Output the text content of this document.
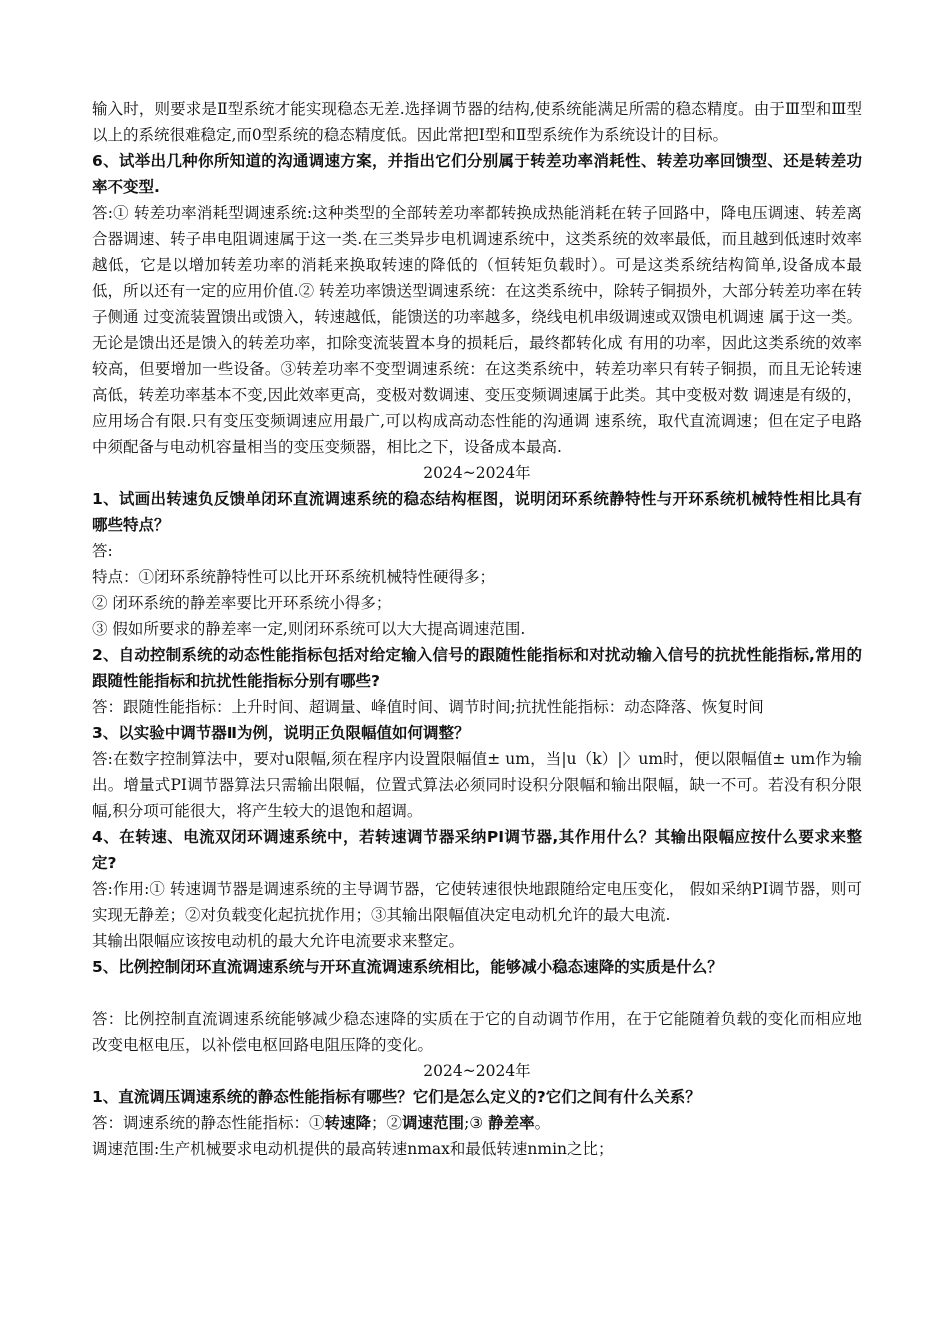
输入时，则要求是Ⅱ型系统才能实现稳态无差.选择调节器的结构,使系统能满足所需的稳态精度。由于Ⅲ型和Ⅲ型以上的系统很难稳定,而0型系统的稳态精度低。因此常把Ⅰ型和Ⅱ型系统作为系统设计的目标。

6、试举出几种你所知道的沟通调速方案，并指出它们分别属于转差功率消耗性、转差功率回馈型、还是转差功率不变型.

答:① 转差功率消耗型调速系统:这种类型的全部转差功率都转换成热能消耗在转子回路中，降电压调速、转差离合器调速、转子串电阻调速属于这一类.在三类异步电机调速系统中，这类系统的效率最低，而且越到低速时效率越低，它是以增加转差功率的消耗来换取转速的降低的（恒转矩负载时）。可是这类系统结构简单,设备成本最低，所以还有一定的应用价值.② 转差功率馈送型调速系统：在这类系统中，除转子铜损外，大部分转差功率在转子侧通 过变流装置馈出或馈入，转速越低，能馈送的功率越多，绕线电机串级调速或双馈电机调速 属于这一类。无论是馈出还是馈入的转差功率，扣除变流装置本身的损耗后，最终都转化成 有用的功率，因此这类系统的效率较高，但要增加一些设备。③转差功率不变型调速系统：在这类系统中，转差功率只有转子铜损，而且无论转速高低，转差功率基本不变,因此效率更高，变极对数调速、变压变频调速属于此类。其中变极对数 调速是有级的，应用场合有限.只有变压变频调速应用最广,可以构成高动态性能的沟通调 速系统，取代直流调速；但在定子电路中须配备与电动机容量相当的变压变频器，相比之下，设备成本最高.

2024~2024年

1、试画出转速负反馈单闭环直流调速系统的稳态结构框图，说明闭环系统静特性与开环系统机械特性相比具有哪些特点？

答:

特点：①闭环系统静特性可以比开环系统机械特性硬得多；

② 闭环系统的静差率要比开环系统小得多；

③ 假如所要求的静差率一定,则闭环系统可以大大提高调速范围.

2、自动控制系统的动态性能指标包括对给定输入信号的跟随性能指标和对扰动输入信号的抗扰性能指标,常用的跟随性能指标和抗扰性能指标分别有哪些?

答：跟随性能指标：上升时间、超调量、峰值时间、调节时间;抗扰性能指标：动态降落、恢复时间

3、以实验中调节器Ⅱ为例，说明正负限幅值如何调整？

答:在数字控制算法中，要对u限幅,须在程序内设置限幅值± um，当|u（k）|〉um时，便以限幅值± um作为输出。增量式PI调节器算法只需输出限幅，位置式算法必须同时设积分限幅和输出限幅，缺一不可。若没有积分限幅,积分项可能很大，将产生较大的退饱和超调。

4、在转速、电流双闭环调速系统中，若转速调节器采纳PI调节器,其作用什么？其输出限幅应按什么要求来整定?

答:作用:① 转速调节器是调速系统的主导调节器，它使转速很快地跟随给定电压变化， 假如采纳PI调节器，则可实现无静差；②对负载变化起抗扰作用；③其输出限幅值决定电动机允许的最大电流.

其输出限幅应该按电动机的最大允许电流要求来整定。

5、比例控制闭环直流调速系统与开环直流调速系统相比，能够减小稳态速降的实质是什么？

答：比例控制直流调速系统能够减少稳态速降的实质在于它的自动调节作用，在于它能随着负载的变化而相应地改变电枢电压，以补偿电枢回路电阻压降的变化。

2024~2024年

1、直流调压调速系统的静态性能指标有哪些？它们是怎么定义的?它们之间有什么关系？

答：调速系统的静态性能指标：①转速降；②调速范围;③ 静差率。

调速范围:生产机械要求电动机提供的最高转速nmax和最低转速nmin之比；
